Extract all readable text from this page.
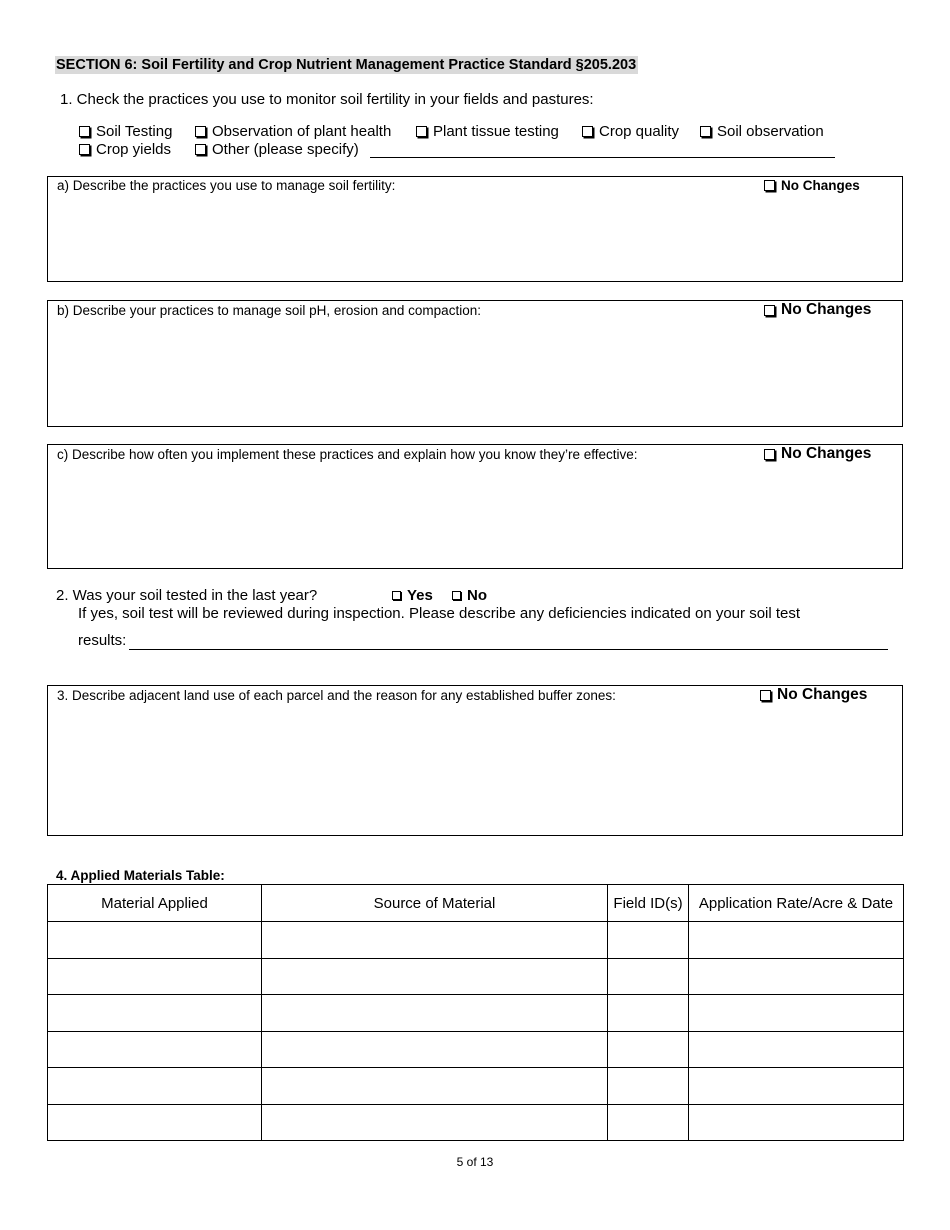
SECTION 6: Soil Fertility and Crop Nutrient Management Practice Standard §205.203
1. Check the practices you use to monitor soil fertility in your fields and pastures:
Soil Testing	Observation of plant health	Plant tissue testing	Crop quality	Soil observation
Crop yields	Other (please specify)
a) Describe the practices you use to manage soil fertility:	No Changes
b) Describe your practices to manage soil pH, erosion and compaction:	No Changes
c) Describe how often you implement these practices and explain how you know they’re effective:	No Changes
2. Was your soil tested in the last year?	Yes No
If yes, soil test will be reviewed during inspection. Please describe any deficiencies indicated on your soil test
results:
3. Describe adjacent land use of each parcel and the reason for any established buffer zones:	No Changes
4. Applied Materials Table:
Material Applied	Source of Material	Field ID(s)	Application Rate/Acre & Date

5 of 13
